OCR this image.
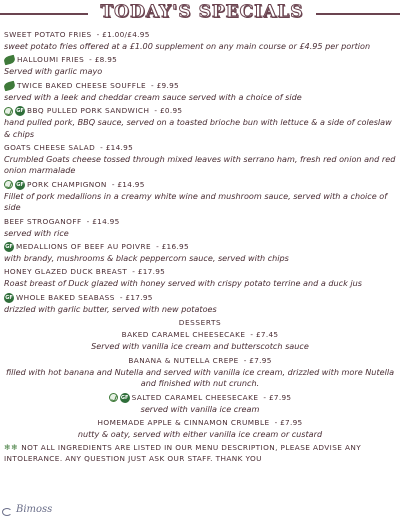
TODAY'S SPECIALS
SWEET POTATO FRIES - £1.00/£4.95
sweet potato fries offered at a £1.00 supplement on any main course or £4.95 per portion
HALLOUMI FRIES - £8.95
Served with garlic mayo
TWICE BAKED CHEESE SOUFFLE - £9.95
served with a leek and cheddar cream sauce served with a choice of side
GF BBQ PULLED PORK SANDWICH - £0.95
hand pulled pork, BBQ sauce, served on a toasted brioche bun with lettuce & a side of coleslaw & chips
GOATS CHEESE SALAD - £14.95
Crumbled Goats cheese tossed through mixed leaves with serrano ham, fresh red onion and red onion marmalade
GF PORK CHAMPIGNON - £14.95
Fillet of pork medallions in a creamy white wine and mushroom sauce, served with a choice of side
BEEF STROGANOFF - £14.95
served with rice
GF MEDALLIONS OF BEEF AU POIVRE - £16.95
with brandy, mushrooms & black peppercorn sauce, served with chips
HONEY GLAZED DUCK BREAST - £17.95
Roast breast of Duck glazed with honey served with crispy potato terrine and a duck jus
GF WHOLE BAKED SEABASS - £17.95
drizzled with garlic butter, served with new potatoes
DESSERTS
BAKED CARAMEL CHEESECAKE - £7.45
Served with vanilla ice cream and butterscotch sauce
BANANA & NUTELLA CREPE - £7.95
filled with hot banana and Nutella and served with vanilla ice cream, drizzled with more Nutella and finished with nut crunch.
GF SALTED CARAMEL CHEESECAKE - £7.95
served with vanilla ice cream
HOMEMADE APPLE & CINNAMON CRUMBLE - £7.95
nutty & oaty, served with either vanilla ice cream or custard
❄❄ NOT ALL INGREDIENTS ARE LISTED IN OUR MENU DESCRIPTION, PLEASE ADVISE ANY INTOLERANCE. ANY QUESTION JUST ASK OUR STAFF. THANK YOU
Bimoss
